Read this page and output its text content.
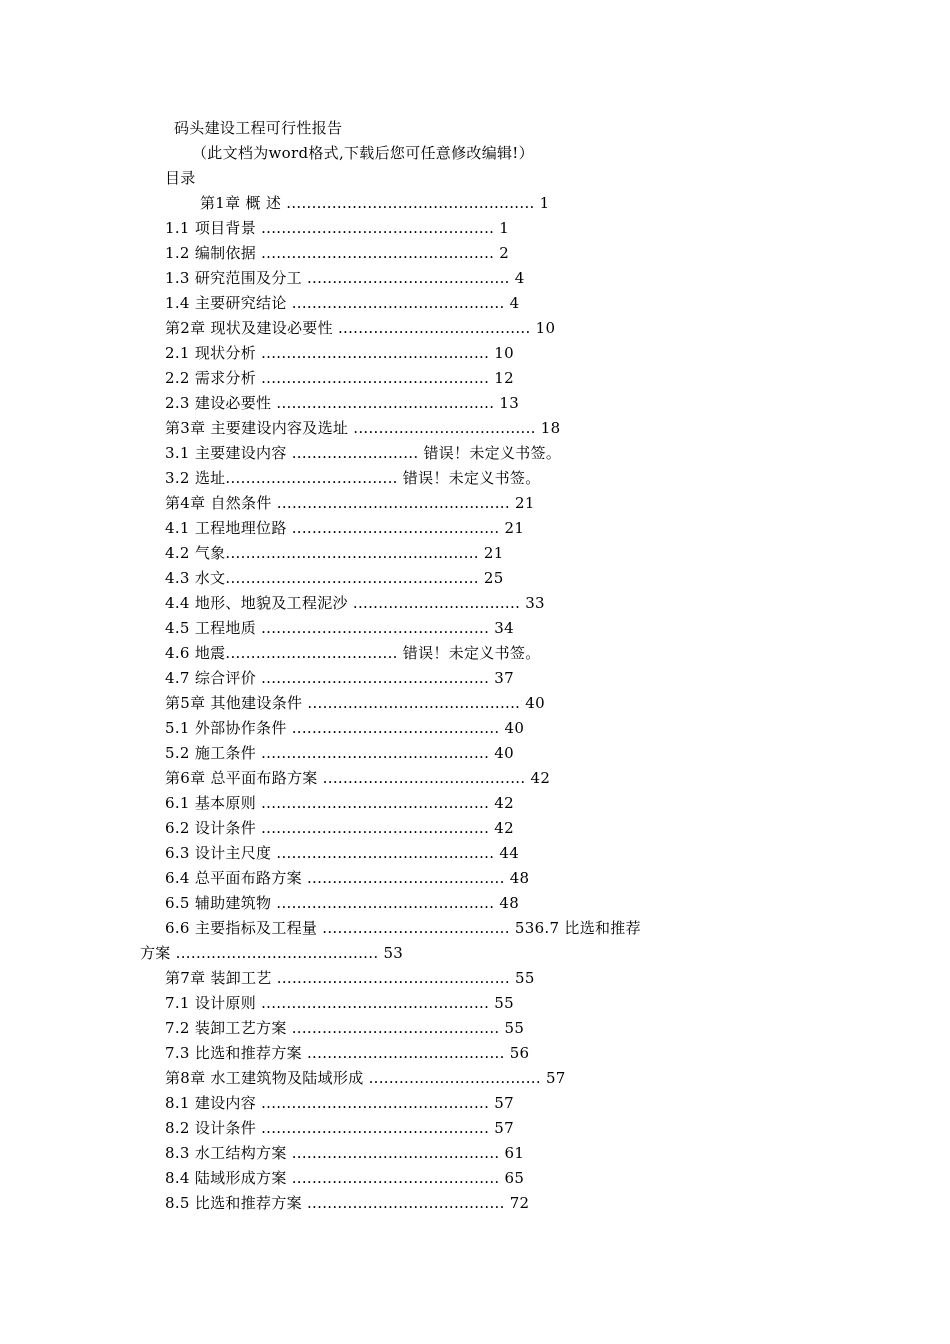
码头建设工程可行性报告
（此文档为word格式,下载后您可任意修改编辑!）
目录
第1章 概 述 ................................................. 1
1.1 项目背景 .............................................. 1
1.2 编制依据 .............................................. 2
1.3 研究范围及分工 ........................................ 4
1.4 主要研究结论 .......................................... 4
第2章 现状及建设必要性 ...................................... 10
2.1 现状分析 ............................................. 10
2.2 需求分析 ............................................. 12
2.3 建设必要性 ........................................... 13
第3章 主要建设内容及选址 .................................... 18
3.1 主要建设内容 ......................... 错误！未定义书签。
3.2 选址.................................. 错误！未定义书签。
第4章 自然条件 .............................................. 21
4.1 工程地理位路 ......................................... 21
4.2 气象.................................................. 21
4.3 水文.................................................. 25
4.4 地形、地貌及工程泥沙 ................................. 33
4.5 工程地质 ............................................. 34
4.6 地震.................................. 错误！未定义书签。
4.7 综合评价 ............................................. 37
第5章 其他建设条件 .......................................... 40
5.1 外部协作条件 ......................................... 40
5.2 施工条件 ............................................. 40
第6章 总平面布路方案 ........................................ 42
6.1 基本原则 ............................................. 42
6.2 设计条件 ............................................. 42
6.3 设计主尺度 ........................................... 44
6.4 总平面布路方案 ....................................... 48
6.5 辅助建筑物 ........................................... 48
6.6 主要指标及工程量 ..................................... 536.7 比选和推荐
方案 ........................................ 53
第7章 装卸工艺 .............................................. 55
7.1 设计原则 ............................................. 55
7.2 装卸工艺方案 ......................................... 55
7.3 比选和推荐方案 ....................................... 56
第8章 水工建筑物及陆域形成 .................................. 57
8.1 建设内容 ............................................. 57
8.2 设计条件 ............................................. 57
8.3 水工结构方案 ......................................... 61
8.4 陆域形成方案 ......................................... 65
8.5 比选和推荐方案 ....................................... 72
